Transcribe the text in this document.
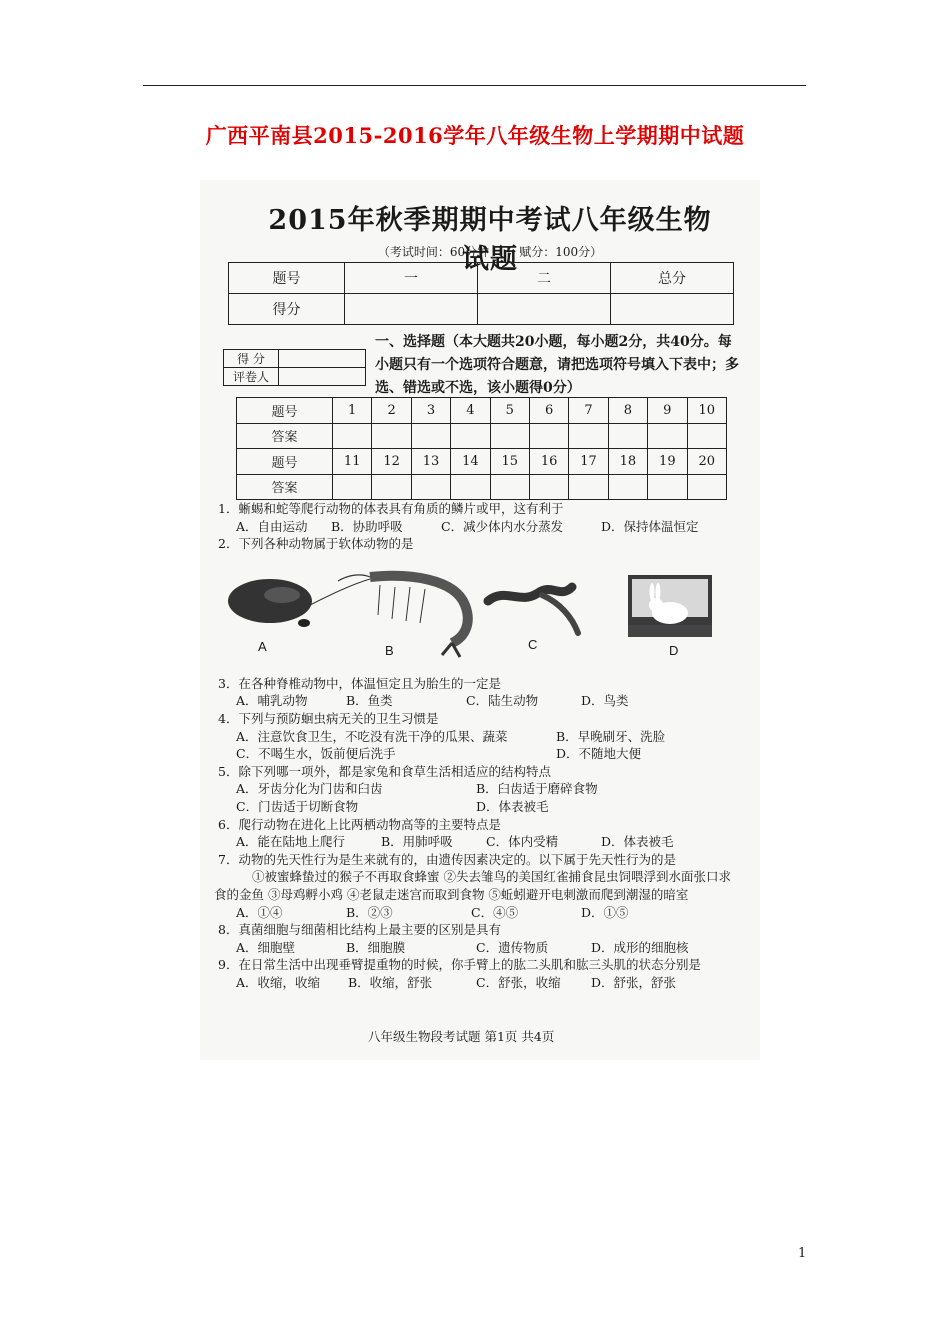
广西平南县2015-2016学年八年级生物上学期期中试题
2015年秋季期期中考试八年级生物试题
（考试时间：60分钟	赋分：100分）
题号	一	二	总分
得分			
得 分	
评卷人	
一、选择题（本大题共20小题，每小题2分，共40分。每小题只有一个选项符合题意，请把选项符号填入下表中；多选、错选或不选，该小题得0分）
题号	1	2	3	4	5	6	7	8	9	10
答案										
题号	11	12	13	14	15	16	17	18	19	20
答案										
1．蜥蜴和蛇等爬行动物的体表具有角质的鳞片或甲，这有利于
A．自由运动	B．协助呼吸	C．减少体内水分蒸发	D．保持体温恒定
2．下列各种动物属于软体动物的是
3．在各种脊椎动物中，体温恒定且为胎生的一定是
A．哺乳动物	B．鱼类	C．陆生动物	D．鸟类
4．下列与预防蛔虫病无关的卫生习惯是
A．注意饮食卫生，不吃没有洗干净的瓜果、蔬菜	B．早晚刷牙、洗脸
C．不喝生水，饭前便后洗手	D．不随地大便
5．除下列哪一项外，都是家兔和食草生活相适应的结构特点
A．牙齿分化为门齿和臼齿	B．臼齿适于磨碎食物
C．门齿适于切断食物	D．体表被毛
6．爬行动物在进化上比两栖动物高等的主要特点是
A．能在陆地上爬行	B．用肺呼吸	C．体内受精	D．体表被毛
7．动物的先天性行为是生来就有的，由遗传因素决定的。以下属于先天性行为的是
①被蜜蜂蛰过的猴子不再取食蜂蜜 ②失去雏鸟的美国红雀捕食昆虫饲喂浮到水面张口求
食的金鱼 ③母鸡孵小鸡 ④老鼠走迷宫而取到食物 ⑤蚯蚓避开电刺激而爬到潮湿的暗室
A．①④	B．②③	C．④⑤	D．①⑤
8．真菌细胞与细菌相比结构上最主要的区别是具有
A．细胞壁	B．细胞膜	C．遗传物质	D．成形的细胞核
9．在日常生活中出现垂臂提重物的时候，你手臂上的肱二头肌和肱三头肌的状态分别是
A．收缩，收缩	B．收缩，舒张	C．舒张，收缩	D．舒张，舒张
A	B	C	D
八年级生物段考试题 第1页 共4页
1
